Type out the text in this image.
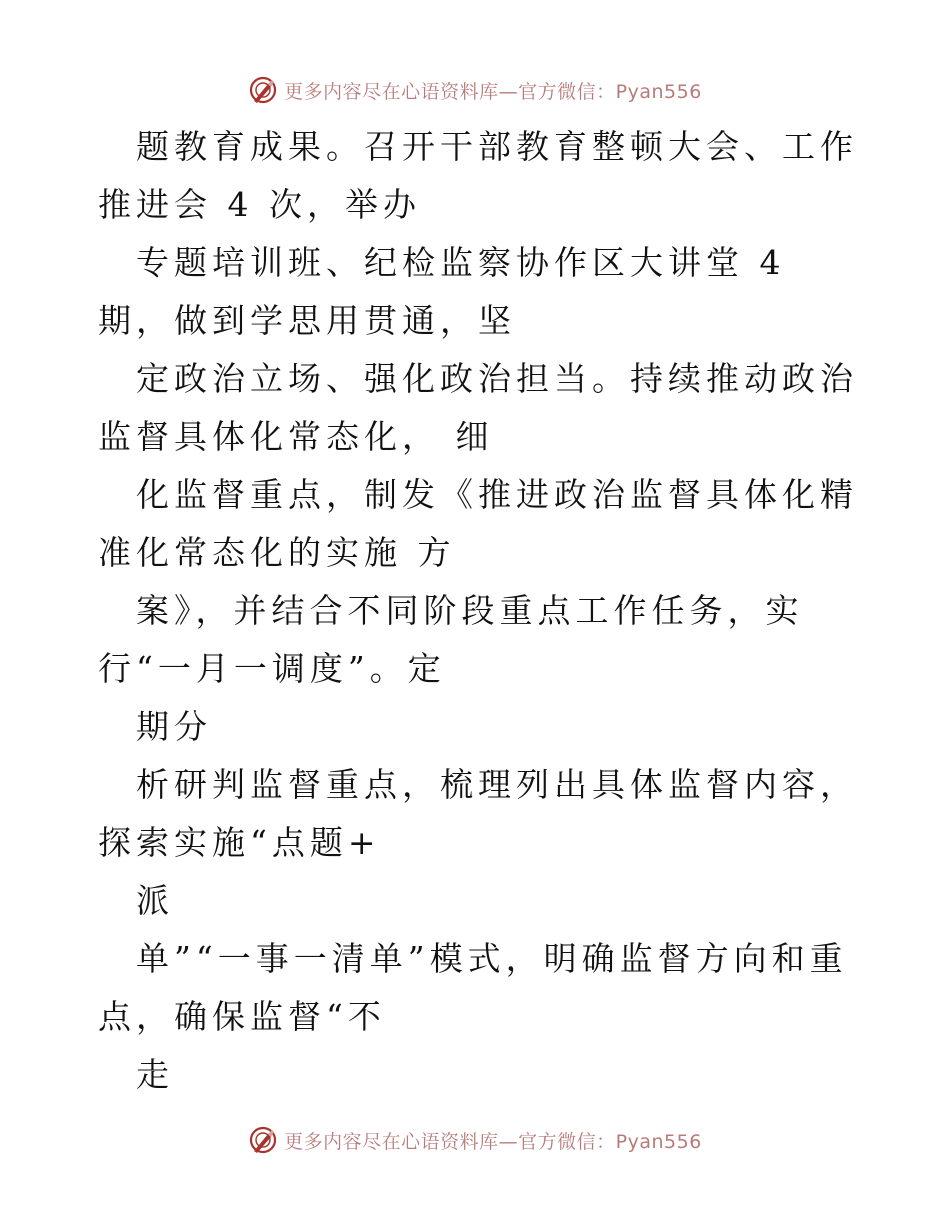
更多内容尽在心语资料库—官方微信：Pyan556

题教育成果。召开干部教育整顿大会、工作推进会 4 次，举办

专题培训班、纪检监察协作区大讲堂 4 期，做到学思用贯通，坚

定政治立场、强化政治担当。持续推动政治监督具体化常态化， 细

化监督重点，制发《推进政治监督具体化精准化常态化的实施 方

案》，并结合不同阶段重点工作任务，实行“一月一调度”。定

期分

析研判监督重点，梳理列出具体监督内容，探索实施“点题+

派

单”“一事一清单”模式，明确监督方向和重点，确保监督“不

走

更多内容尽在心语资料库—官方微信：Pyan556
